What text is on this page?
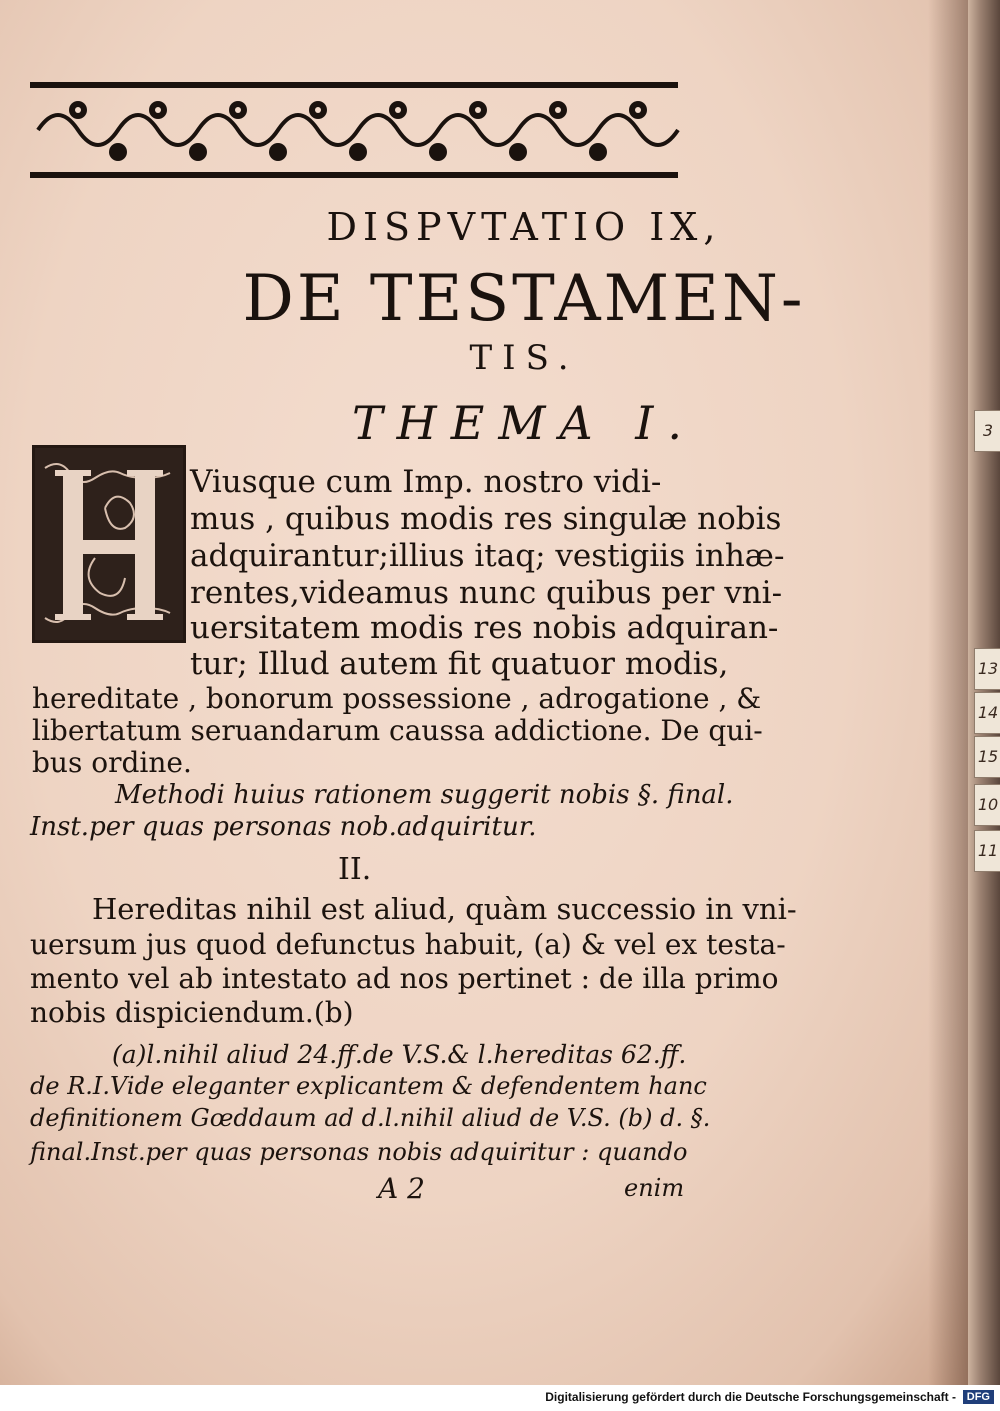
3
13
14
15
10
11
DISPVTATIO IX,
DE TESTAMEN-
TIS.
THEMA I.
Viusque cum Imp. nostro vidi-
mus , quibus modis res singulæ nobis
adquirantur;illius itaq; vestigiis inhæ-
rentes,videamus nunc quibus per vni-
uersitatem modis res nobis adquiran-
tur; Illud autem fit quatuor modis,
hereditate , bonorum possessione , adrogatione , &
libertatum seruandarum caussa addictione. De qui-
bus ordine.
Methodi huius rationem suggerit nobis §. final.
Inst.per quas personas nob.adquiritur.
II.
Hereditas nihil est aliud, quàm successio in vni-
uersum jus quod defunctus habuit, (a) & vel ex testa-
mento vel ab intestato ad nos pertinet : de illa primo
nobis dispiciendum.(b)
(a)l.nihil aliud 24.ff.de V.S.& l.hereditas 62.ff.
de R.I.Vide eleganter explicantem & defendentem hanc
definitionem Gœddaum ad d.l.nihil aliud de V.S. (b) d. §.
final.Inst.per quas personas nobis adquiritur : quando
A 2	enim
Digitalisierung gefördert durch die Deutsche Forschungsgemeinschaft - DFG
